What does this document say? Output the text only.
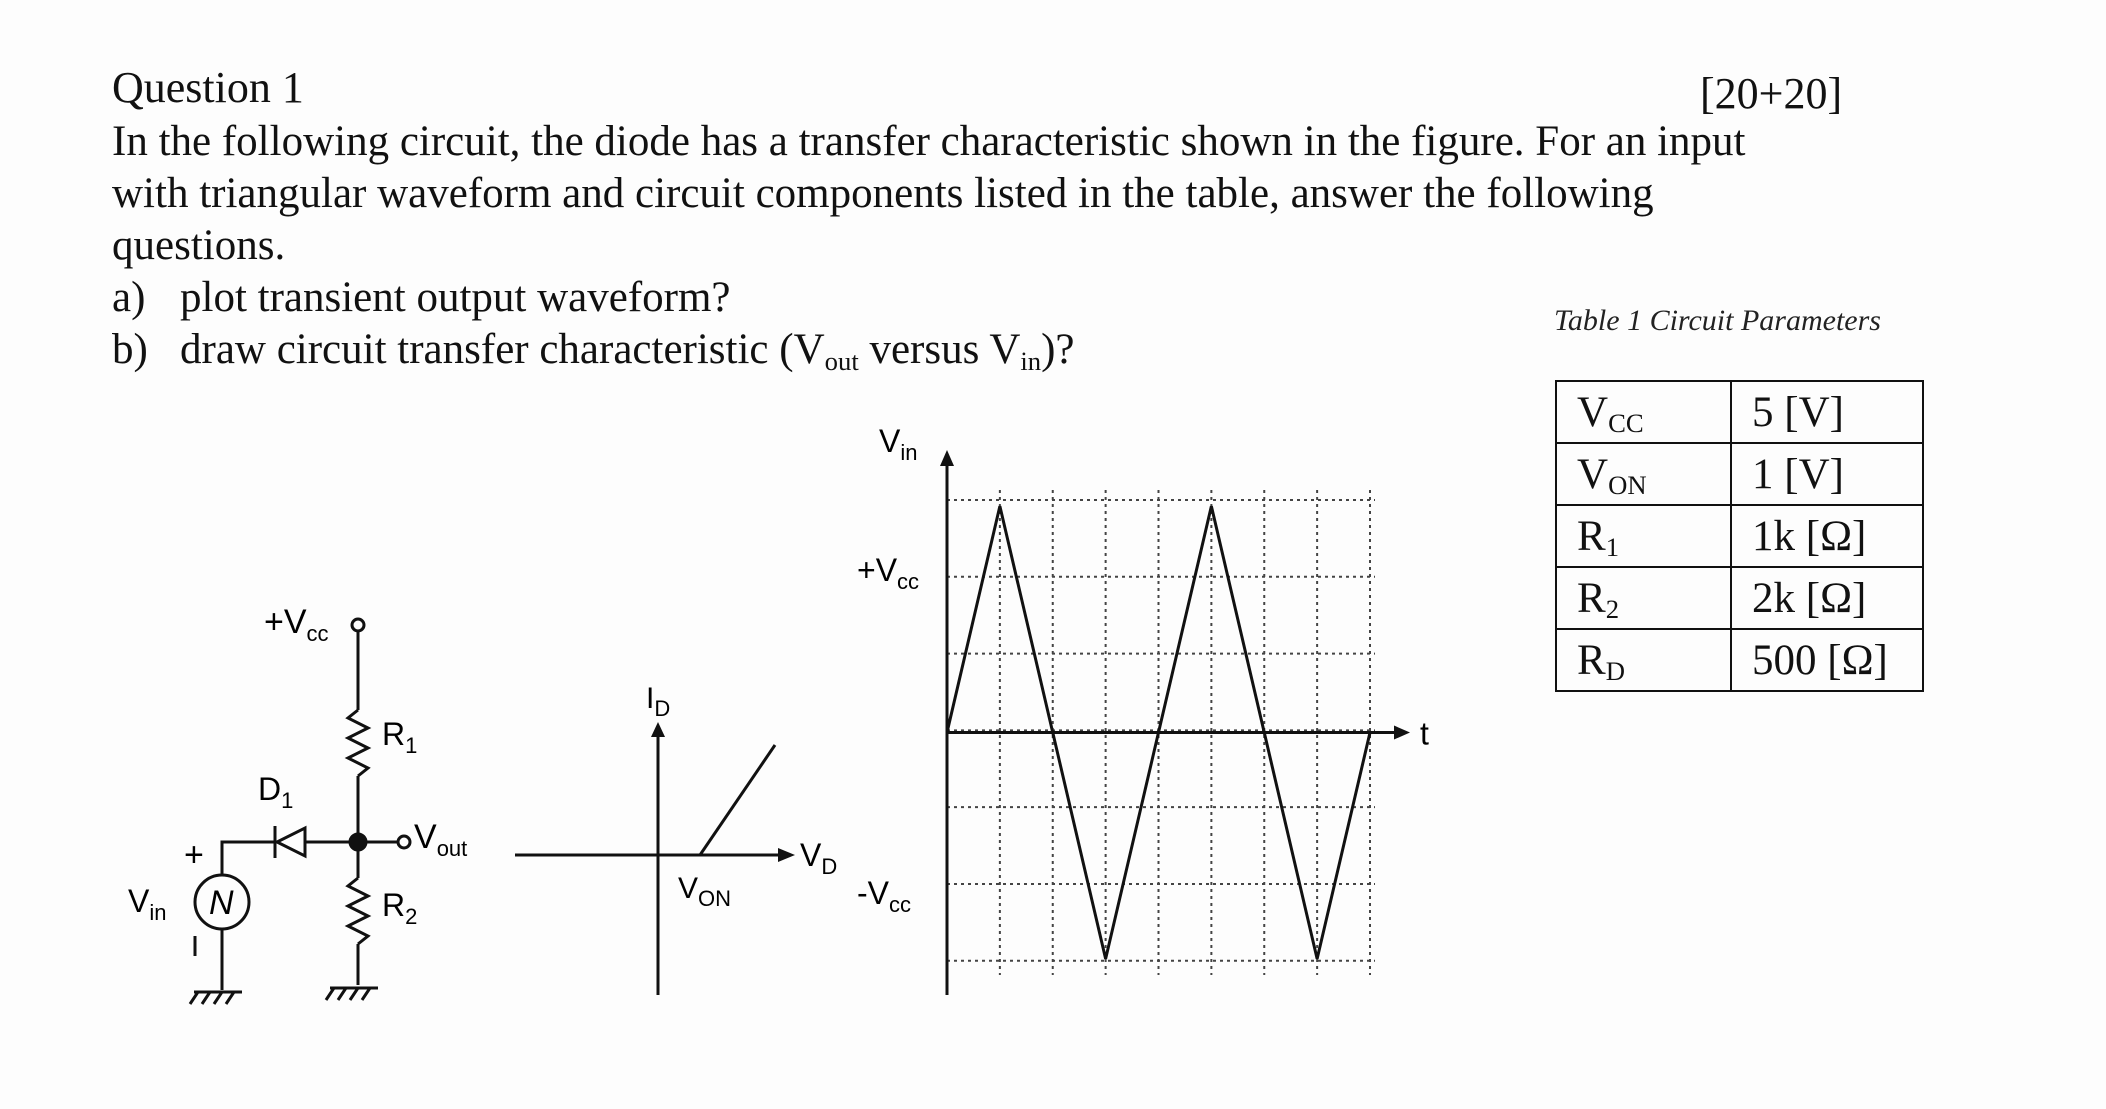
Question 1	[20+20]
In the following circuit, the diode has a transfer characteristic shown in the figure. For an input with triangular waveform and circuit components listed in the table, answer the following questions.
a) plot transient output waveform?
b) draw circuit transfer characteristic (Vout versus Vin)?
Table 1 Circuit Parameters
VCC	5 [V]
VON	1 [V]
R1	1k [Ω]
R2	2k [Ω]
RD	500 [Ω]
$+V_{cc}$
$R_1$
$R_2$
$D_1$
$V_{out}$
$V_{in}$
+
N
$I_D$
$V_D$
$V_{ON}$
$V_{in}$
t
$+V_{cc}$
$-V_{cc}$
